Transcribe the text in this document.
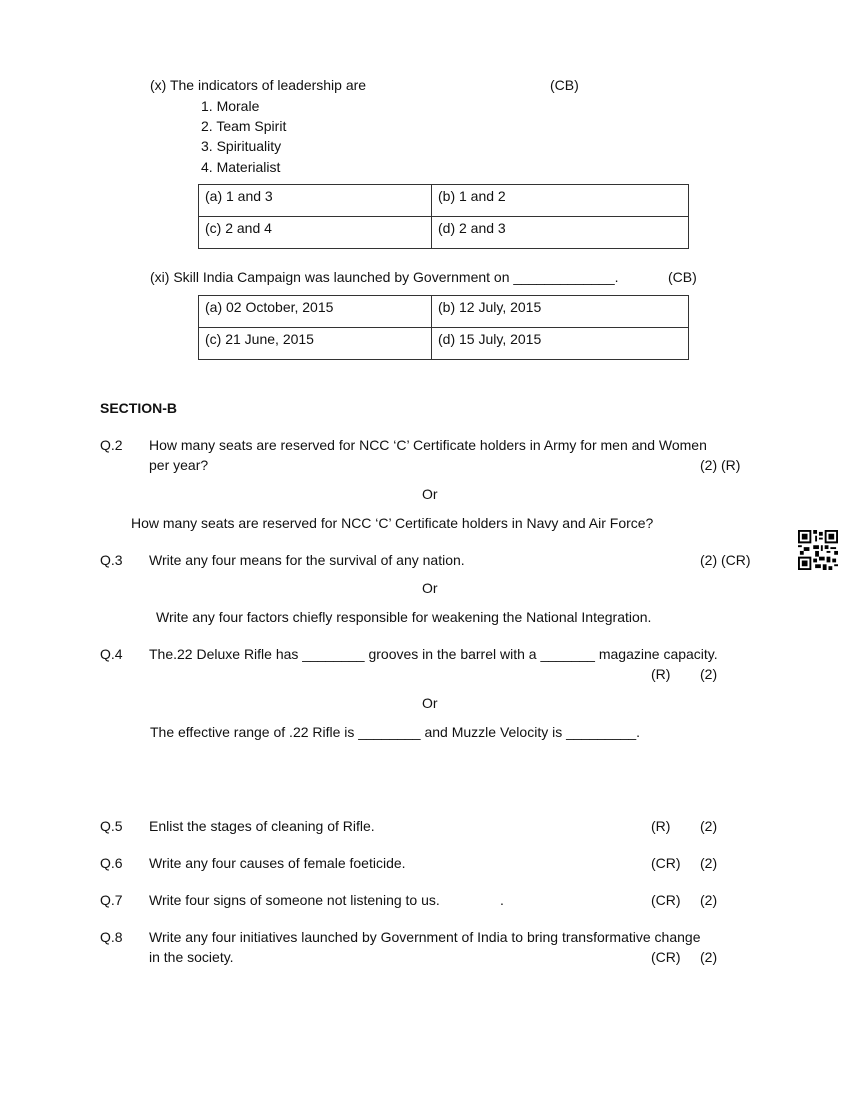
(x) The indicators of leadership are	(CB)
1. Morale
2. Team Spirit
3. Spirituality
4. Materialist
(a) 1 and 3	(b) 1 and 2
(c) 2 and 4	(d) 2 and 3
(xi) Skill India Campaign was launched by Government on _____________.	(CB)
(a) 02 October, 2015	(b) 12 July, 2015
(c) 21 June, 2015	(d) 15 July, 2015
SECTION-B
Q.2 How many seats are reserved for NCC ‘C’ Certificate holders in Army for men and Women
per year?	(2) (R)
Or
How many seats are reserved for NCC ‘C’ Certificate holders in Navy and Air Force?
Q.3 Write any four means for the survival of any nation.	(2) (CR)
Or
Write any four factors chiefly responsible for weakening the National Integration.
Q.4 The.22 Deluxe Rifle has ________ grooves in the barrel with a _______ magazine capacity.
(R) (2)
Or
The effective range of .22 Rifle is ________ and Muzzle Velocity is _________.
Q.5 Enlist the stages of cleaning of Rifle.	(R) (2)
Q.6 Write any four causes of female foeticide.	(CR) (2)
Q.7 Write four signs of someone not listening to us.	.	(CR) (2)
Q.8 Write any four initiatives launched by Government of India to bring transformative change
in the society.	(CR) (2)
